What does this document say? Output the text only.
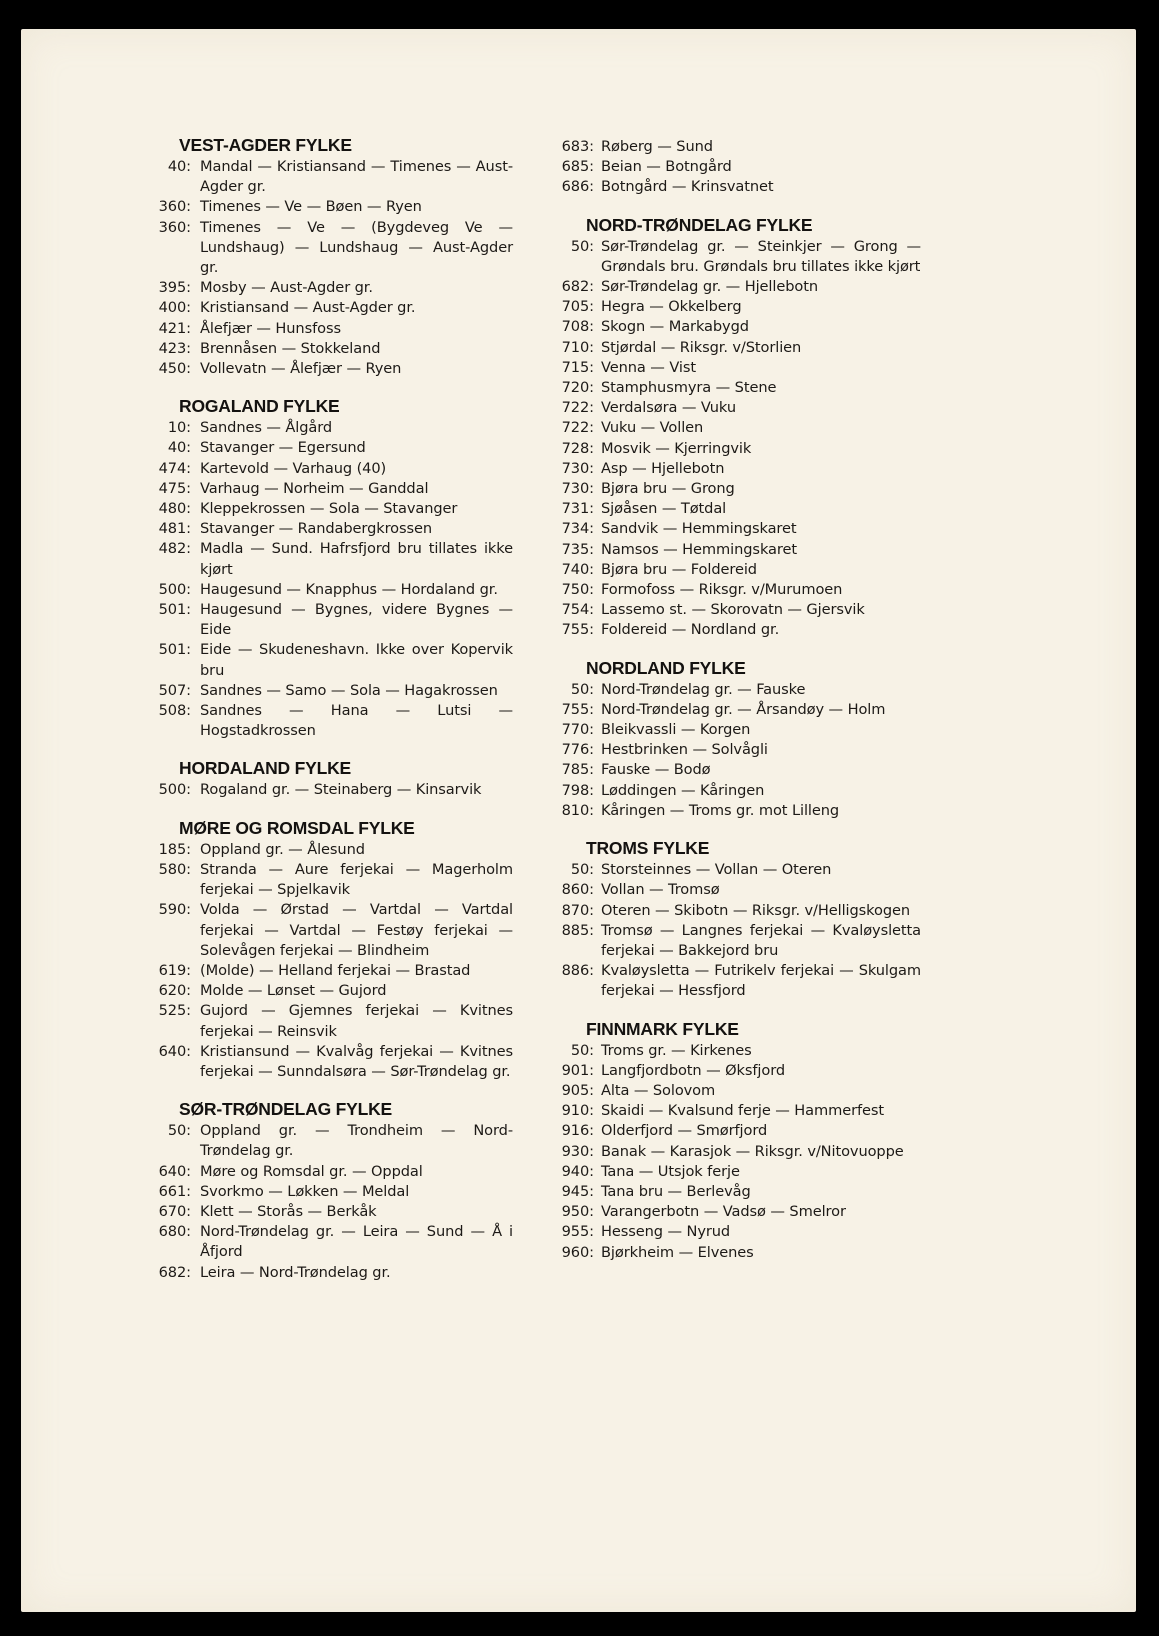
VEST-AGDER FYLKE
40: Mandal — Kristiansand — Timenes — Aust-Agder gr.
360: Timenes — Ve — Bøen — Ryen
360: Timenes — Ve — (Bygdeveg Ve — Lundshaug) — Lundshaug — Aust-Agder gr.
395: Mosby — Aust-Agder gr.
400: Kristiansand — Aust-Agder gr.
421: Ålefjær — Hunsfoss
423: Brennåsen — Stokkeland
450: Vollevatn — Ålefjær — Ryen
ROGALAND FYLKE
10: Sandnes — Ålgård
40: Stavanger — Egersund
474: Kartevold — Varhaug (40)
475: Varhaug — Norheim — Ganddal
480: Kleppekrossen — Sola — Stavanger
481: Stavanger — Randabergkrossen
482: Madla — Sund. Hafrsfjord bru tillates ikke kjørt
500: Haugesund — Knapphus — Hordaland gr.
501: Haugesund — Bygnes, videre Bygnes — Eide
501: Eide — Skudeneshavn. Ikke over Kopervik bru
507: Sandnes — Samo — Sola — Hagakrossen
508: Sandnes — Hana — Lutsi — Hogstadkrossen
HORDALAND FYLKE
500: Rogaland gr. — Steinaberg — Kinsarvik
MØRE OG ROMSDAL FYLKE
185: Oppland gr. — Ålesund
580: Stranda — Aure ferjekai — Magerholm ferjekai — Spjelkavik
590: Volda — Ørstad — Vartdal — Vartdal ferjekai — Vartdal — Festøy ferjekai — Solevågen ferjekai — Blindheim
619: (Molde) — Helland ferjekai — Brastad
620: Molde — Lønset — Gujord
525: Gujord — Gjemnes ferjekai — Kvitnes ferjekai — Reinsvik
640: Kristiansund — Kvalvåg ferjekai — Kvitnes ferjekai — Sunndalsøra — Sør-Trøndelag gr.
SØR-TRØNDELAG FYLKE
50: Oppland gr. — Trondheim — Nord-Trøndelag gr.
640: Møre og Romsdal gr. — Oppdal
661: Svorkmo — Løkken — Meldal
670: Klett — Storås — Berkåk
680: Nord-Trøndelag gr. — Leira — Sund — Å i Åfjord
682: Leira — Nord-Trøndelag gr.
683: Røberg — Sund
685: Beian — Botngård
686: Botngård — Krinsvatnet
NORD-TRØNDELAG FYLKE
50: Sør-Trøndelag gr. — Steinkjer — Grong — Grøndals bru. Grøndals bru tillates ikke kjørt
682: Sør-Trøndelag gr. — Hjellebotn
705: Hegra — Okkelberg
708: Skogn — Markabygd
710: Stjørdal — Riksgr. v/Storlien
715: Venna — Vist
720: Stamphusmyra — Stene
722: Verdalsøra — Vuku
722: Vuku — Vollen
728: Mosvik — Kjerringvik
730: Asp — Hjellebotn
730: Bjøra bru — Grong
731: Sjøåsen — Tøtdal
734: Sandvik — Hemmingskaret
735: Namsos — Hemmingskaret
740: Bjøra bru — Foldereid
750: Formofoss — Riksgr. v/Murumoen
754: Lassemo st. — Skorovatn — Gjersvik
755: Foldereid — Nordland gr.
NORDLAND FYLKE
50: Nord-Trøndelag gr. — Fauske
755: Nord-Trøndelag gr. — Årsandøy — Holm
770: Bleikvassli — Korgen
776: Hestbrinken — Solvågli
785: Fauske — Bodø
798: Løddingen — Kåringen
810: Kåringen — Troms gr. mot Lilleng
TROMS FYLKE
50: Storsteinnes — Vollan — Oteren
860: Vollan — Tromsø
870: Oteren — Skibotn — Riksgr. v/Helligskogen
885: Tromsø — Langnes ferjekai — Kvaløysletta ferjekai — Bakkejord bru
886: Kvaløysletta — Futrikelv ferjekai — Skulgam ferjekai — Hessfjord
FINNMARK FYLKE
50: Troms gr. — Kirkenes
901: Langfjordbotn — Øksfjord
905: Alta — Solovom
910: Skaidi — Kvalsund ferje — Hammerfest
916: Olderfjord — Smørfjord
930: Banak — Karasjok — Riksgr. v/Nitovuoppe
940: Tana — Utsjok ferje
945: Tana bru — Berlevåg
950: Varangerbotn — Vadsø — Smelror
955: Hesseng — Nyrud
960: Bjørkheim — Elvenes
